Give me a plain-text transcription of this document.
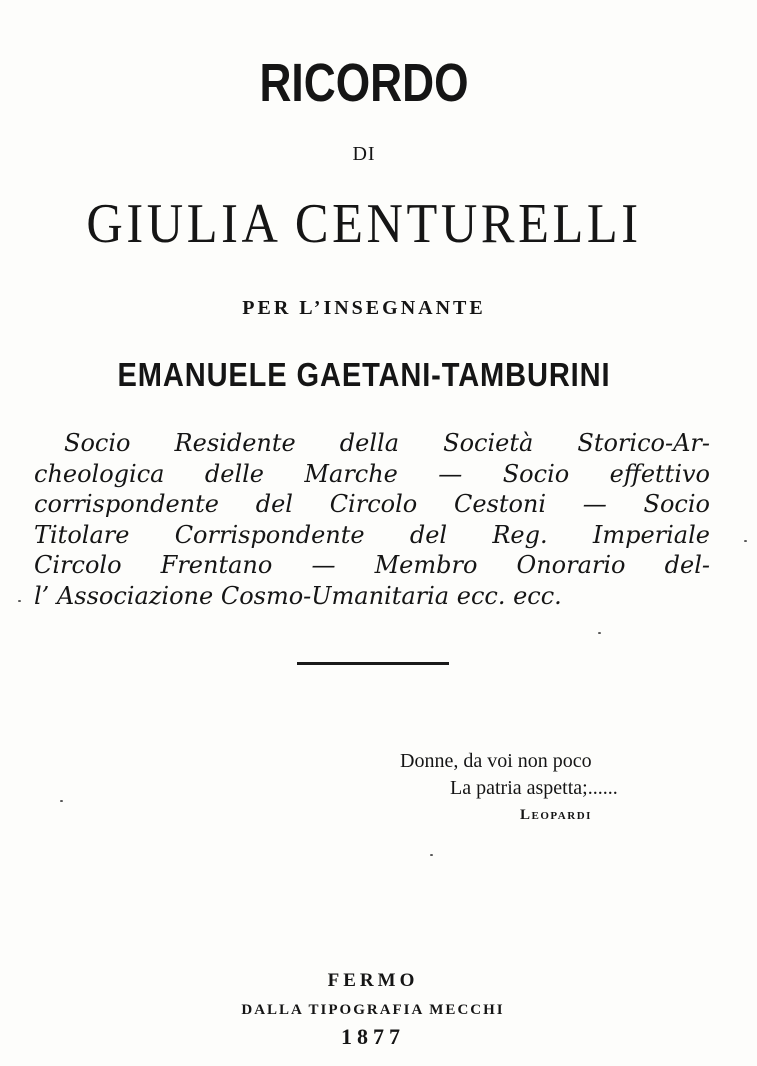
RICORDO
DI
GIULIA CENTURELLI
PER L’INSEGNANTE
EMANUELE GAETANI-TAMBURINI
Socio Residente della Società Storico-Ar-
cheologica delle Marche — Socio effettivo
corrispondente del Circolo Cestoni — Socio
Titolare Corrispondente del Reg. Imperiale
Circolo Frentano — Membro Onorario del-
l’ Associazione Cosmo-Umanitaria ecc. ecc.
Donne, da voi non poco
La patria aspetta;......
Leopardi
FERMO
DALLA TIPOGRAFIA MECCHI
1877
